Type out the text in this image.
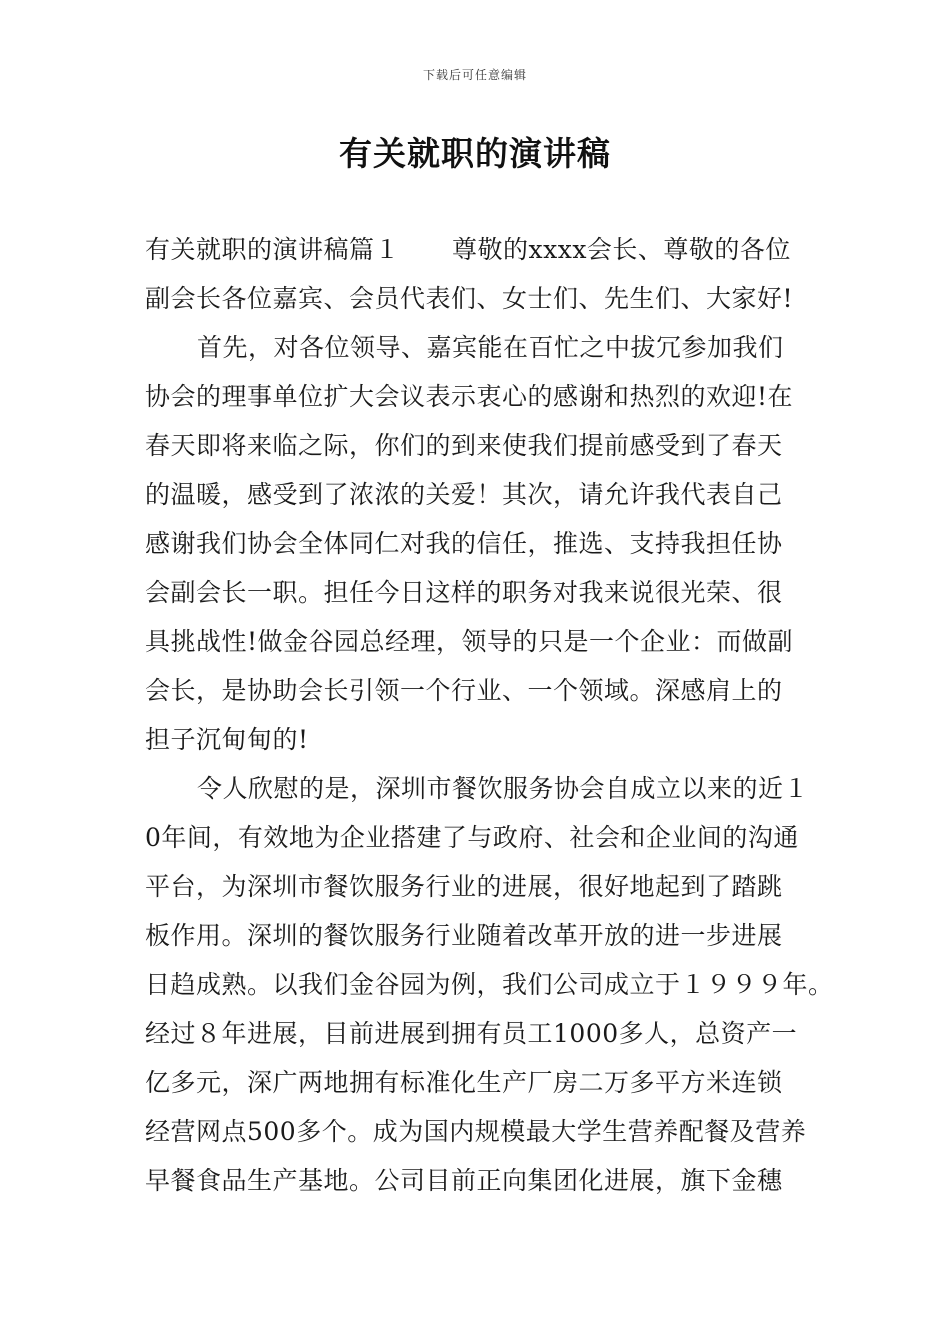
下载后可任意编辑
有关就职的演讲稿
有关就职的演讲稿篇１ 尊敬的xxxx会长、尊敬的各位
副会长各位嘉宾、会员代表们、女士们、先生们、大家好!
首先，对各位领导、嘉宾能在百忙之中拔冗参加我们
协会的理事单位扩大会议表示衷心的感谢和热烈的欢迎!在
春天即将来临之际，你们的到来使我们提前感受到了春天
的温暖，感受到了浓浓的关爱！其次，请允许我代表自己
感谢我们协会全体同仁对我的信任，推选、支持我担任协
会副会长一职。担任今日这样的职务对我来说很光荣、很
具挑战性!做金谷园总经理，领导的只是一个企业：而做副
会长，是协助会长引领一个行业、一个领域。深感肩上的
担子沉甸甸的!
令人欣慰的是，深圳市餐饮服务协会自成立以来的近１
0年间，有效地为企业搭建了与政府、社会和企业间的沟通
平台，为深圳市餐饮服务行业的进展，很好地起到了踏跳
板作用。深圳的餐饮服务行业随着改革开放的进一步进展
日趋成熟。以我们金谷园为例，我们公司成立于１９９９年。
经过８年进展，目前进展到拥有员工1000多人，总资产一
亿多元，深广两地拥有标准化生产厂房二万多平方米连锁
经营网点500多个。成为国内规模最大学生营养配餐及营养
早餐食品生产基地。公司目前正向集团化进展，旗下金穗
